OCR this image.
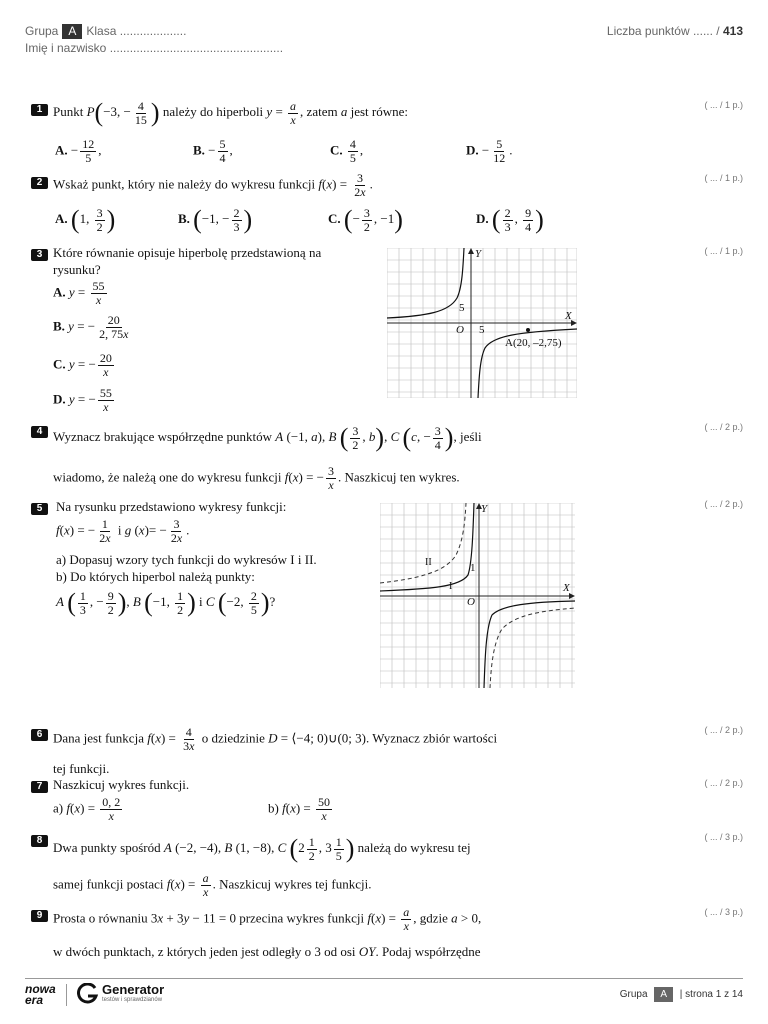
Grupa A Klasa ....................
Imię i nazwisko ....................................................
Liczba punktów ...... / 413
1	( ... / 1 p.)
Punkt P(−3, − $\frac{4}{15}$ ) należy do hiperboli $y = \frac{a}{x}$ , zatem a jest równe:
A. − $\frac{12}{5}$ ,	B. − $\frac{5}{4}$ ,	C. $\frac{4}{5}$ ,	D. − $\frac{5}{12}$ .
2	( ... / 1 p.)
Wskaż punkt, który nie należy do wykresu funkcji $f(x) = \frac{3}{2x}$ .
A. (1, $\frac{3}{2}$ )	B. (−1, − $\frac{2}{3}$ )	C. (− $\frac{3}{2}$ , −1)	D. ( $\frac{2}{3}$ , $\frac{9}{4}$ )
3	( ... / 1 p.)
Które równanie opisuje hiperbolę przedstawioną na
rysunku?
A. $y = \frac{55}{x}$
B. y = − $\frac{20}{2, 75x}$
C. y = − $\frac{20}{x}$
D. y = − $\frac{55}{x}$
Y
X
O 5
5
A(20, –2,75)
4	( ... / 2 p.)
Wyznacz brakujące współrzędne punktów A (−1, a), B ( $\frac{3}{2}$ , b), C (c, − $\frac{3}{4}$ ), jeśli
wiadomo, że należą one do wykresu funkcji f(x) = − $\frac{3}{x}$ . Naszkicuj ten wykres.
5	( ... / 2 p.)
Na rysunku przedstawiono wykresy funkcji:
f(x) = − $\frac{1}{2x}$ i g $(x)= - \frac{3}{2x}$ .
a) Dopasuj wzory tych funkcji do wykresów I i II.
b) Do których hiperbol należą punkty:
A ( $\frac{1}{3}$ , − $\frac{9}{2}$ ), B (−1, $\frac{1}{2}$ ) i C (−2, $\frac{2}{5}$ )?
Y
X
O
1
I
II
6	( ... / 2 p.)
Dana jest funkcja $f(x) = \frac{4}{3x}$ o dziedzinie D = ⟨−4; 0)∪(0; 3). Wyznacz zbiór wartości
tej funkcji.
7	( ... / 2 p.)
Naszkicuj wykres funkcji.
a) $f(x) = \frac{0, 2}{x}$	b) $f(x) = \frac{50}{x}$
8	( ... / 3 p.)
Dwa punkty spośród A (−2, −4), B (1, −8), C ($2 \frac{1}{2}$ , $3 \frac{1}{5}$ ) należą do wykresu tej
samej funkcji postaci $f(x) = \frac{a}{x}$ . Naszkicuj wykres tej funkcji.
9	( ... / 3 p.)
Prosta o równaniu 3x + 3y − 11 = 0 przecina wykres funkcji $f(x) = \frac{a}{x}$ , gdzie a > 0,
w dwóch punktach, z których jeden jest odległy o 3 od osi OY. Podaj współrzędne
nowa
era
Generator
testów i sprawdzianów	Grupa A | strona 1 z 14
